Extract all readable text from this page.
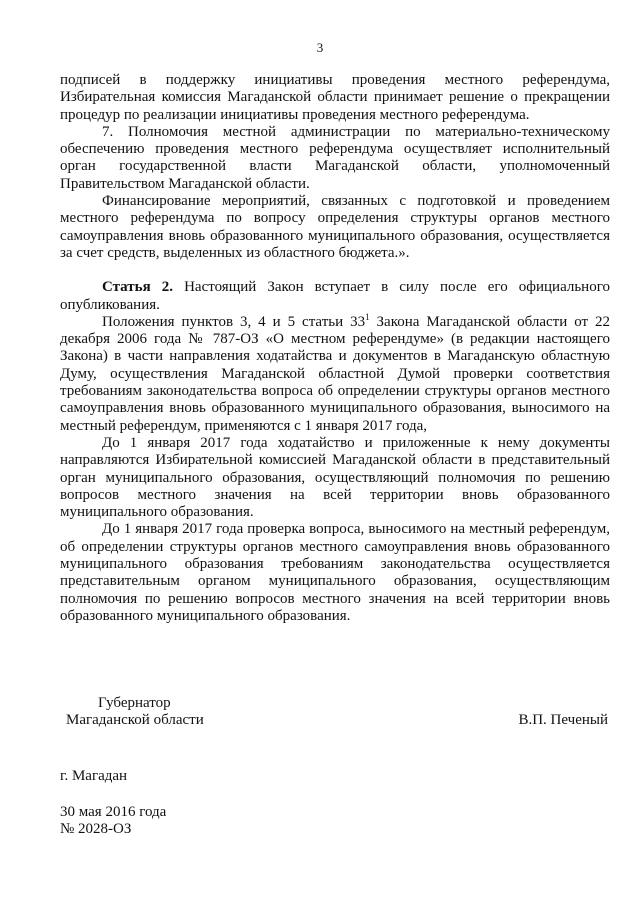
3

подписей в поддержку инициативы проведения местного референдума, Избирательная комиссия Магаданской области принимает решение о прекращении процедур по реализации инициативы проведения местного референдума.

7. Полномочия местной администрации по материально-техническому обеспечению проведения местного референдума осуществляет исполнительный орган государственной власти Магаданской области, уполномоченный Правительством Магаданской области.

Финансирование мероприятий, связанных с подготовкой и проведением местного референдума по вопросу определения структуры органов местного самоуправления вновь образованного муниципального образования, осуществляется за счет средств, выделенных из областного бюджета.».

Статья 2. Настоящий Закон вступает в силу после его официального опубликования.

Положения пунктов 3, 4 и 5 статьи $33^1$ Закона Магаданской области от 22 декабря 2006 года № 787-ОЗ «О местном референдуме» (в редакции настоящего Закона) в части направления ходатайства и документов в Магаданскую областную Думу, осуществления Магаданской областной Думой проверки соответствия требованиям законодательства вопроса об определении структуры органов местного самоуправления вновь образованного муниципального образования, выносимого на местный референдум, применяются с 1 января 2017 года,

До 1 января 2017 года ходатайство и приложенные к нему документы направляются Избирательной комиссией Магаданской области в представительный орган муниципального образования, осуществляющий полномочия по решению вопросов местного значения на всей территории вновь образованного муниципального образования.

До 1 января 2017 года проверка вопроса, выносимого на местный референдум, об определении структуры органов местного самоуправления вновь образованного муниципального образования требованиям законодательства осуществляется представительным органом муниципального образования, осуществляющим полномочия по решению вопросов местного значения на всей территории вновь образованного муниципального образования.

Губернатор
Магаданской области	В.П. Печеный
г. Магадан
30 мая 2016 года
№ 2028-ОЗ
